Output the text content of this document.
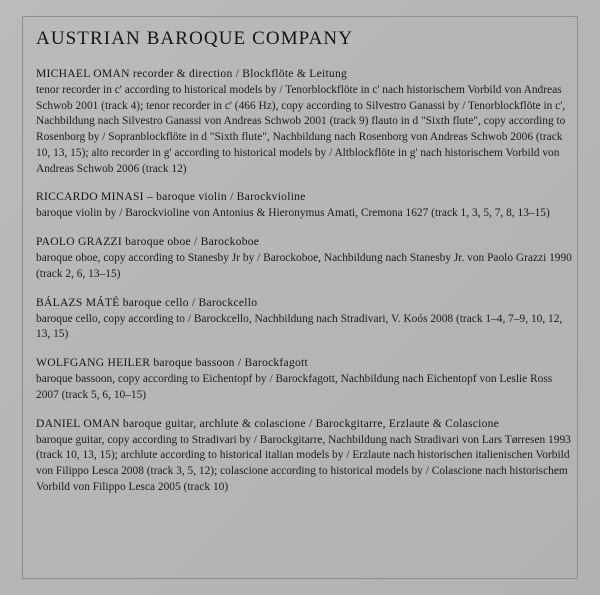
AUSTRIAN BAROQUE COMPANY
MICHAEL OMAN recorder & direction / Blockflöte & Leitung
tenor recorder in c' according to historical models by / Tenorblockflöte in c' nach historischem Vorbild von Andreas Schwob 2001 (track 4); tenor recorder in c' (466 Hz), copy according to Silvestro Ganassi by / Tenorblockflöte in c', Nachbildung nach Silvestro Ganassi von Andreas Schwob 2001 (track 9) flauto in d "Sixth flute", copy according to Rosenborg by / Sopranblockflöte in d "Sixth flute", Nachbildung nach Rosenborg von Andreas Schwob 2006 (track 10, 13, 15); alto recorder in g' according to historical models by / Altblockflöte in g' nach historischem Vorbild von Andreas Schwob 2006 (track 12)
RICCARDO MINASI – baroque violin / Barockvioline
baroque violin by / Barockvioline von Antonius & Hieronymus Amati, Cremona 1627 (track 1, 3, 5, 7, 8, 13–15)
PAOLO GRAZZI baroque oboe / Barockoboe
baroque oboe, copy according to Stanesby Jr by / Barockoboe, Nachbildung nach Stanesby Jr. von Paolo Grazzi 1990 (track 2, 6, 13–15)
BÁLAZS MÁTÉ baroque cello / Barockcello
baroque cello, copy according to / Barockcello, Nachbildung nach Stradivari, V. Koós 2008 (track 1–4, 7–9, 10, 12, 13, 15)
WOLFGANG HEILER baroque bassoon / Barockfagott
baroque bassoon, copy according to Eichentopf by / Barockfagott, Nachbildung nach Eichentopf von Leslie Ross 2007 (track 5, 6, 10–15)
DANIEL OMAN baroque guitar, archlute & colascione / Barockgitarre, Erzlaute & Colascione
baroque guitar, copy according to Stradivari by / Barockgitarre, Nachbildung nach Stradivari von Lars Tørresen 1993 (track 10, 13, 15); archlute according to historical italian models by / Erzlaute nach historischen italienischen Vorbild von Filippo Lesca 2008 (track 3, 5, 12); colascione according to historical models by / Colascione nach historischem Vorbild von Filippo Lesca 2005 (track 10)
